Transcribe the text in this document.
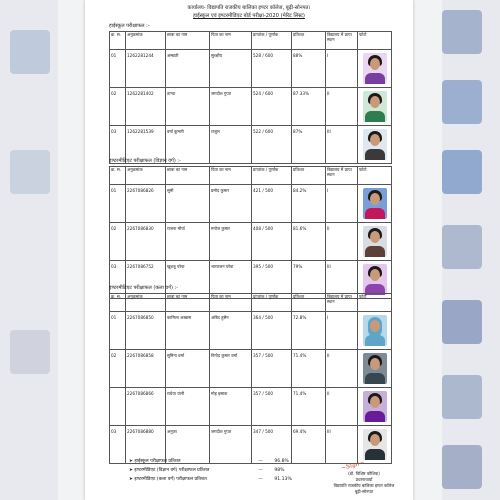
कार्यालय- विद्यापति राजकीय बालिका इण्टर कॉलेज, बूढ़ी-सोनपत।
हाईस्कूल एवं इण्टरमीडिएट बोर्ड परीक्षा-2020 (मेरिट लिस्ट)
हाईस्कूल परीक्षाफल :-
क्र. स.	अनुक्रमांक	छात्रा का नाम	पिता का नाम	प्राप्तांक / पूर्णांक	प्रतिशत	विद्यालय में प्राप्त स्थान	फोटो
01	1262281244	अम्बाती	सुरक्षीय	528 / 600	88%	I	

02	1262281402	तान्या	जगदीश गुप्ता	524 / 600	87.33%	II	

03	1262281539	वर्षा कुमारी	राजुल	522 / 600	87%	III	
इण्टरमीडिएट परीक्षाफल (विज्ञान वर्ग) :-
क्र. स.	अनुक्रमांक	छात्रा का नाम	पिता का नाम	प्राप्तांक / पूर्णांक	प्रतिशत	विद्यालय में प्राप्त स्थान	फोटो
01	2267086826	सुमी	प्रमोद कुमार	421 / 500	84.2%	I	

02	2267086830	राजना मौर्या	मनोज कुमार	408 / 500	81.6%	II	

03	2267086752	खुशबू परेवा	भारतजन परेवा	395 / 500	79%	III	
इण्टरमीडिएट परीक्षाफल (कला वर्ग) :-
क्र. स.	अनुक्रमांक	छात्रा का नाम	पिता का नाम	प्राप्तांक / पूर्णांक	प्रतिशत	विद्यालय में प्राप्त स्थान	फोटो
01	2267086850	कामिला अब्बास	अबिद हुसैन	364 / 500	72.8%	I	

02	2267086858	सुमिना वर्मा	विनोद कुमार वर्मा	357 / 500	71.4%	II	

	2267086866	राधेया यानी	मोह इसाक	357 / 500	71.4%	II	

03	2267086880	अनुज़ा	जगदीश गुप्ता	347 / 500	69.4%	III	
➤ हाईस्कूल परीक्षाफल प्रतिशत	— 96.8%
➤ इण्टरमीडिएट (विज्ञान वर्ग) परीक्षाफल प्रतिशत	— 98%
➤ इण्टरमीडिएट (कला वर्ग) परीक्षाफल प्रतिशत	— 91.13%
~Sign~
(डॉ. विशिष्ट कौशिक)
प्रधानाचार्या
विद्यापति राजकीय बालिका इण्टर कॉलेज
बूढ़ी-सोनपत
